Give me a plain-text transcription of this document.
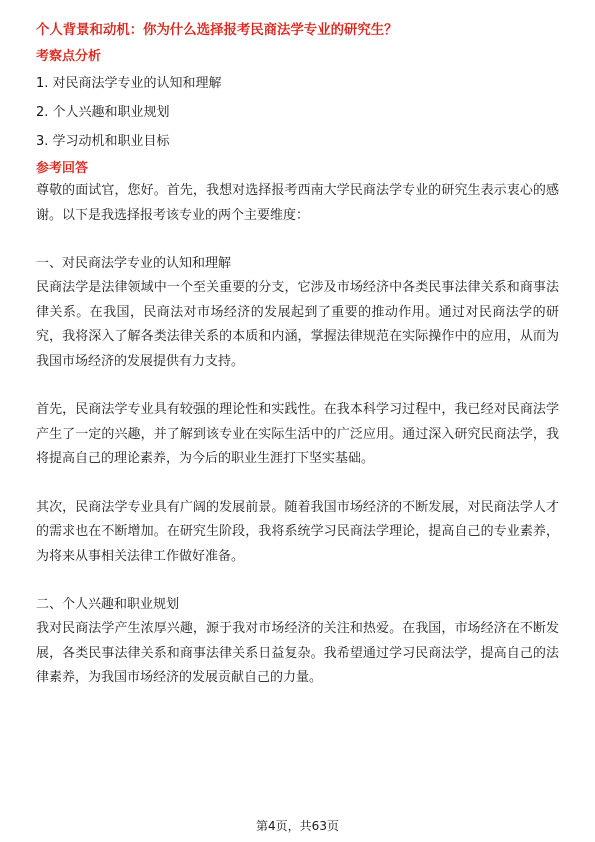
个人背景和动机：你为什么选择报考民商法学专业的研究生？
考察点分析
1. 对民商法学专业的认知和理解
2. 个人兴趣和职业规划
3. 学习动机和职业目标
参考回答

尊敬的面试官，您好。首先，我想对选择报考西南大学民商法学专业的研究生表示衷心的感谢。以下是我选择报考该专业的两个主要维度：

一、对民商法学专业的认知和理解

民商法学是法律领域中一个至关重要的分支，它涉及市场经济中各类民事法律关系和商事法律关系。在我国，民商法对市场经济的发展起到了重要的推动作用。通过对民商法学的研究，我将深入了解各类法律关系的本质和内涵，掌握法律规范在实际操作中的应用，从而为我国市场经济的发展提供有力支持。

首先，民商法学专业具有较强的理论性和实践性。在我本科学习过程中，我已经对民商法学产生了一定的兴趣，并了解到该专业在实际生活中的广泛应用。通过深入研究民商法学，我将提高自己的理论素养，为今后的职业生涯打下坚实基础。

其次，民商法学专业具有广阔的发展前景。随着我国市场经济的不断发展，对民商法学人才的需求也在不断增加。在研究生阶段，我将系统学习民商法学理论，提高自己的专业素养，为将来从事相关法律工作做好准备。

二、个人兴趣和职业规划

我对民商法学产生浓厚兴趣，源于我对市场经济的关注和热爱。在我国，市场经济在不断发展，各类民事法律关系和商事法律关系日益复杂。我希望通过学习民商法学，提高自己的法律素养，为我国市场经济的发展贡献自己的力量。

第4页，共63页
